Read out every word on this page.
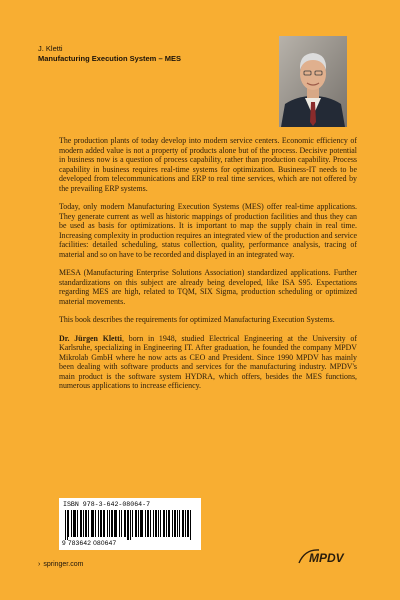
J. Kletti
Manufacturing Execution System – MES

The production plants of today develop into modern service centers. Economic efficiency of modern added value is not a property of products alone but of the process. Decisive potential in business now is a question of process capability, rather than production capability. Process capability in business requires real-time systems for optimization. Business-IT needs to be developed from telecommunications and ERP to real time services, which are not offered by the prevailing ERP systems.

Today, only modern Manufacturing Execution Systems (MES) offer real-time applications. They generate current as well as historic mappings of production facilities and thus they can be used as basis for optimizations. It is important to map the supply chain in real time. Increasing complexity in production requires an integrated view of the production and service facilities: detailed scheduling, status collection, quality, performance analysis, tracing of material and so on have to be recorded and displayed in an integrated way.

MESA (Manufacturing Enterprise Solutions Association) standardized applications. Further standardizations on this subject are already being developed, like ISA S95. Expectations regarding MES are high, related to TQM, SIX Sigma, production scheduling or optimized material movements.

This book describes the requirements for optimized Manufacturing Execution Systems.

Dr. Jürgen Kletti, born in 1948, studied Electrical Engineering at the University of Karlsruhe, specializing in Engineering IT. After graduation, he founded the company MPDV Mikrolab GmbH where he now acts as CEO and President. Since 1990 MPDV has mainly been dealing with software products and services for the manufacturing industry. MPDV's main product is the software system HYDRA, which offers, besides the MES functions, numerous applications to increase efficiency.

ISBN 978-3-642-08064-7
9 783642 080647
› springer.com	MPDV
